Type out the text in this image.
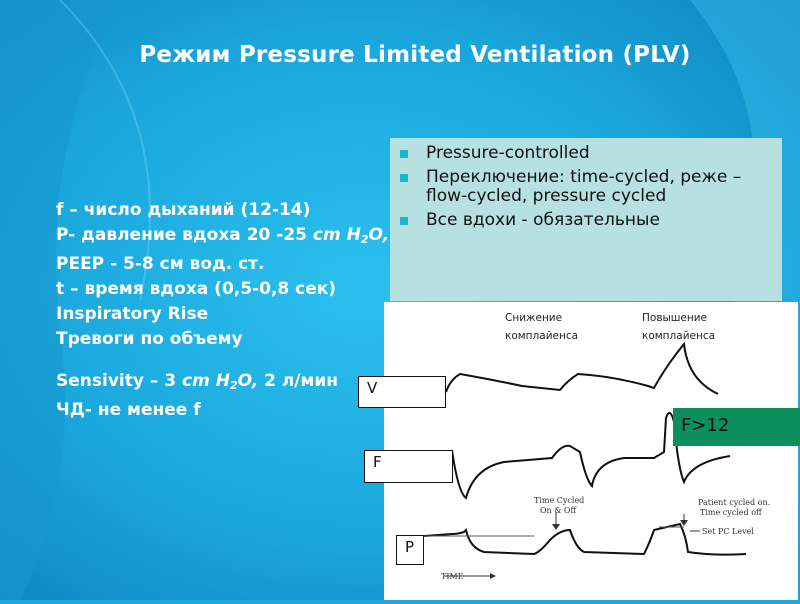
Режим Pressure Limited Ventilation (PLV)
f – число дыханий (12-14)
P- давление вдоха 20 -25 cm $H_2O$,
PEEP - 5-8 см вод. ст.
t – время вдоха (0,5-0,8 сек)
Inspiratory Rise
Тревоги по объему
Sensivity – 3 cm $H_2O$, 2 л/мин
ЧД- не менее f
Pressure-controlled
Переключение: time-cycled, реже – flow-cycled, pressure cycled
Все вдохи - обязательные
Time Cycled
On & Off
Patient cycled on.
Time cycled off
Set PC Level
TIME
Снижение комплайенса
Повышение комплайенса
V
F
P
F>12
